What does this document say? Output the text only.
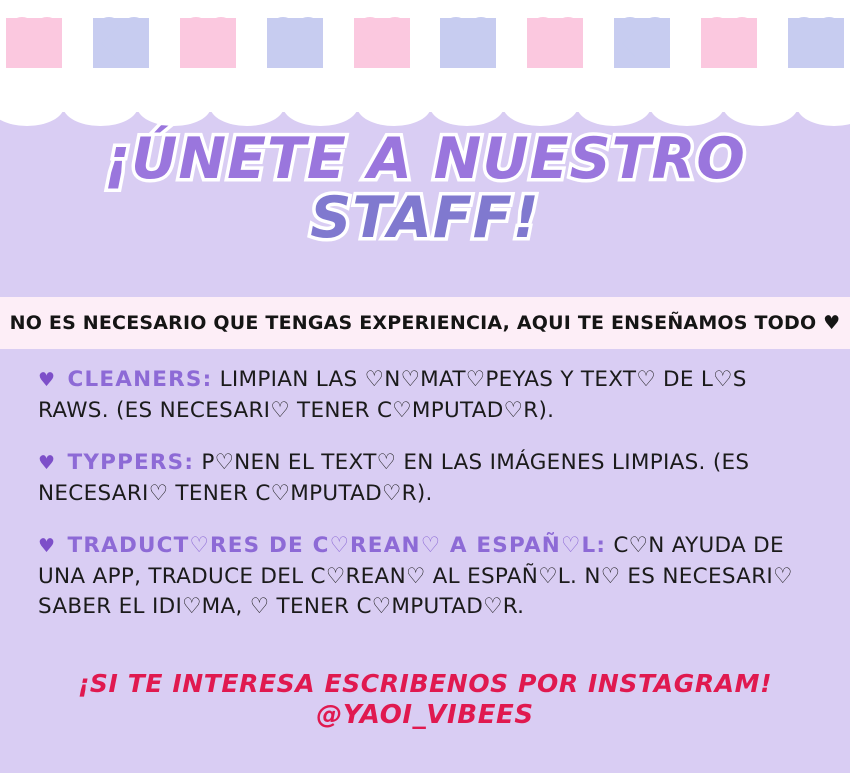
¡ÚNETE A NUESTRO
STAFF!
NO ES NECESARIO QUE TENGAS EXPERIENCIA, AQUI TE ENSEÑAMOS TODO ♥
♥ CLEANERS: LIMPIAN LAS ♡N♡MAT♡PEYAS Y TEXT♡ DE L♡S RAWS. (ES NECESARI♡ TENER C♡MPUTAD♡R).
♥ TYPPERS: P♡NEN EL TEXT♡ EN LAS IMÁGENES LIMPIAS. (ES NECESARI♡ TENER C♡MPUTAD♡R).
♥ TRADUCT♡RES DE C♡REAN♡ A ESPAÑ♡L: C♡N AYUDA DE UNA APP, TRADUCE DEL C♡REAN♡ AL ESPAÑ♡L. N♡ ES NECESARI♡ SABER EL IDI♡MA, ♡ TENER C♡MPUTAD♡R.
¡SI TE INTERESA ESCRIBENOS POR INSTAGRAM!
@YAOI_VIBEES
